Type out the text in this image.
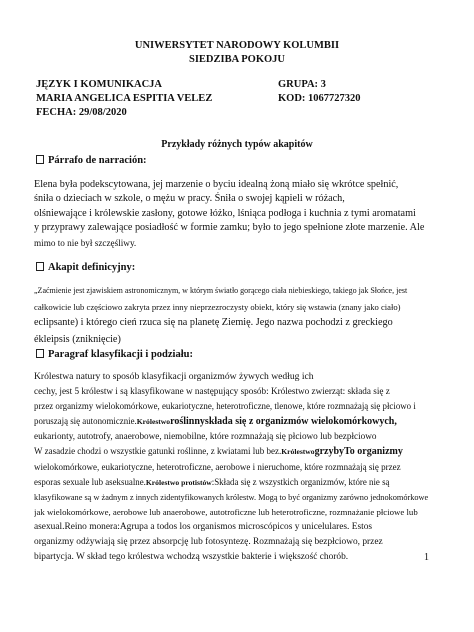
UNIWERSYTET NARODOWY KOLUMBII
SIEDZIBA POKOJU
JĘZYK I KOMUNIKACJA	GRUPA: 3
MARIA ANGELICA ESPITIA VELEZ	KOD: 1067727320
FECHA: 29/08/2020
Przykłady różnych typów akapitów
Párrafo de narración:
Elena była podekscytowana, jej marzenie o byciu idealną żoną miało się wkrótce spełnić,
śniła o dzieciach w szkole, o mężu w pracy. Śniła o swojej kąpieli w różach,
olśniewające i królewskie zasłony, gotowe łóżko, lśniąca podłoga i kuchnia z tymi aromatami
y przyprawy zalewające posiadłość w formie zamku; było to jego spełnione złote marzenie. Ale
mimo to nie był szczęśliwy.
Akapit definicyjny:
„Zaćmienie jest zjawiskiem astronomicznym, w którym światło gorącego ciała niebieskiego, takiego jak Słońce, jest
całkowicie lub częściowo zakryta przez inny nieprzezroczysty obiekt, który się wstawia (znany jako ciało)
eclipsante) i którego cień rzuca się na planetę Ziemię. Jego nazwa pochodzi z greckiego
ékleipsis (zniknięcie)
Paragraf klasyfikacji i podziału:
Królestwa natury to sposób klasyfikacji organizmów żywych według ich
cechy, jest 5 królestw i są klasyfikowane w następujący sposób: Królestwo zwierząt: składa się z
przez organizmy wielokomórkowe, eukariotyczne, heterotroficzne, tlenowe, które rozmnażają się płciowo i
poruszają się autonomicznie.Królestworoślinnyskłada się z organizmów wielokomórkowych,
eukarionty, autotrofy, anaerobowe, niemobilne, które rozmnażają się płciowo lub bezpłciowo
W zasadzie chodzi o wszystkie gatunki roślinne, z kwiatami lub bez.KrólestwogrzybyTo organizmy
wielokomórkowe, eukariotyczne, heterotroficzne, aerobowe i nieruchome, które rozmnażają się przez
esporas sexuale lub aseksualne.Królestwo protistów:Składa się z wszystkich organizmów, które nie są
klasyfikowane są w żadnym z innych zidentyfikowanych królestw. Mogą to być organizmy zarówno jednokomórkowe
jak wielokomórkowe, aerobowe lub anaerobowe, autotroficzne lub heterotroficzne, rozmnażanie płciowe lub
asexual.Reino monera:Agrupa a todos los organismos microscópicos y unicelulares. Estos
organizmy odżywiają się przez absorpcję lub fotosyntezę. Rozmnażają się bezpłciowo, przez
bipartycja. W skład tego królestwa wchodzą wszystkie bakterie i większość chorób.	1
